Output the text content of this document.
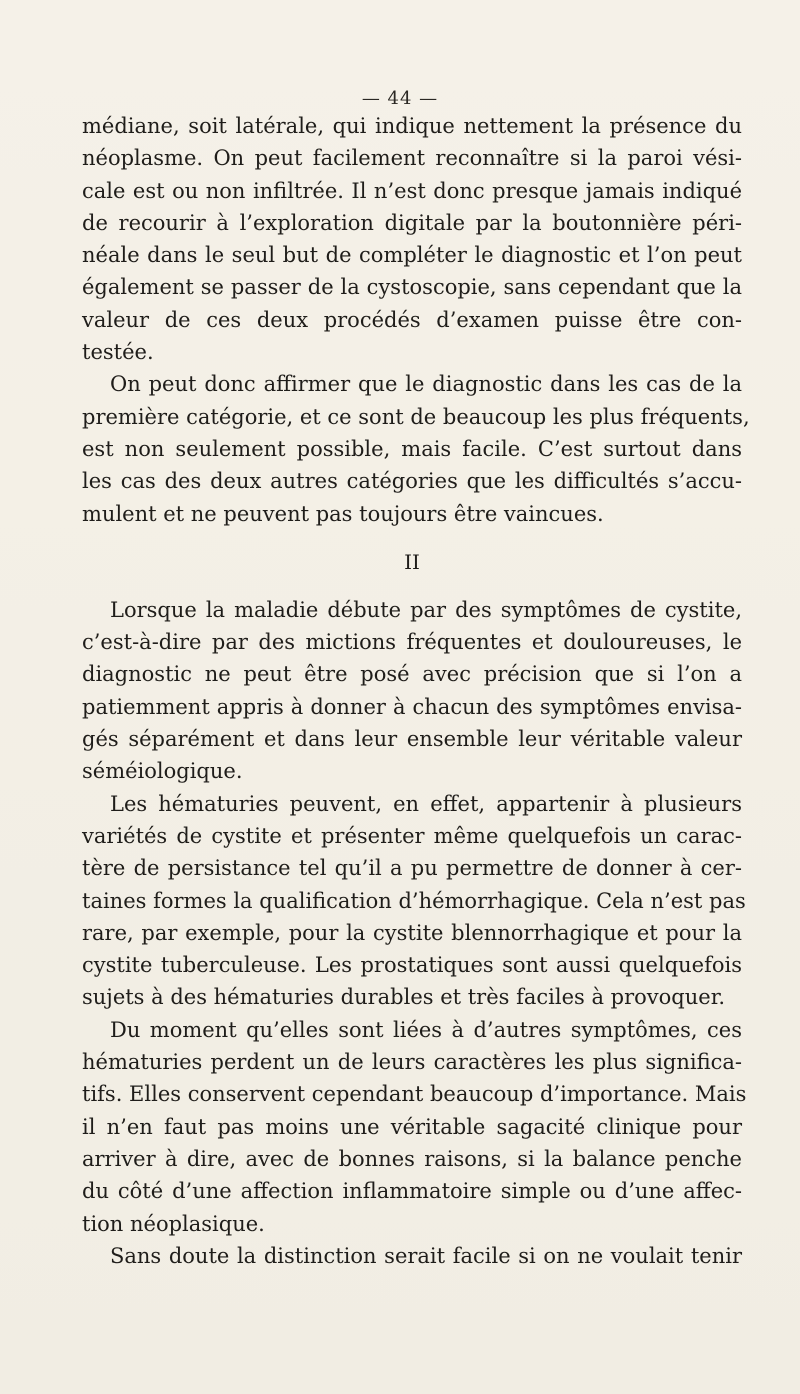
— 44 —
médiane, soit latérale, qui indique nettement la présence du
néoplasme. On peut facilement reconnaître si la paroi vési-
cale est ou non infiltrée. Il n’est donc presque jamais indiqué
de recourir à l’exploration digitale par la boutonnière péri-
néale dans le seul but de compléter le diagnostic et l’on peut
également se passer de la cystoscopie, sans cependant que la
valeur de ces deux procédés d’examen puisse être con-
testée.
On peut donc affirmer que le diagnostic dans les cas de la
première catégorie, et ce sont de beaucoup les plus fréquents,
est non seulement possible, mais facile. C’est surtout dans
les cas des deux autres catégories que les difficultés s’accu-
mulent et ne peuvent pas toujours être vaincues.
II
Lorsque la maladie débute par des symptômes de cystite,
c’est-à-dire par des mictions fréquentes et douloureuses, le
diagnostic ne peut être posé avec précision que si l’on a
patiemment appris à donner à chacun des symptômes envisa-
gés séparément et dans leur ensemble leur véritable valeur
séméiologique.
Les hématuries peuvent, en effet, appartenir à plusieurs
variétés de cystite et présenter même quelquefois un carac-
tère de persistance tel qu’il a pu permettre de donner à cer-
taines formes la qualification d’hémorrhagique. Cela n’est pas
rare, par exemple, pour la cystite blennorrhagique et pour la
cystite tuberculeuse. Les prostatiques sont aussi quelquefois
sujets à des hématuries durables et très faciles à provoquer.
Du moment qu’elles sont liées à d’autres symptômes, ces
hématuries perdent un de leurs caractères les plus significa-
tifs. Elles conservent cependant beaucoup d’importance. Mais
il n’en faut pas moins une véritable sagacité clinique pour
arriver à dire, avec de bonnes raisons, si la balance penche
du côté d’une affection inflammatoire simple ou d’une affec-
tion néoplasique.
Sans doute la distinction serait facile si on ne voulait tenir
